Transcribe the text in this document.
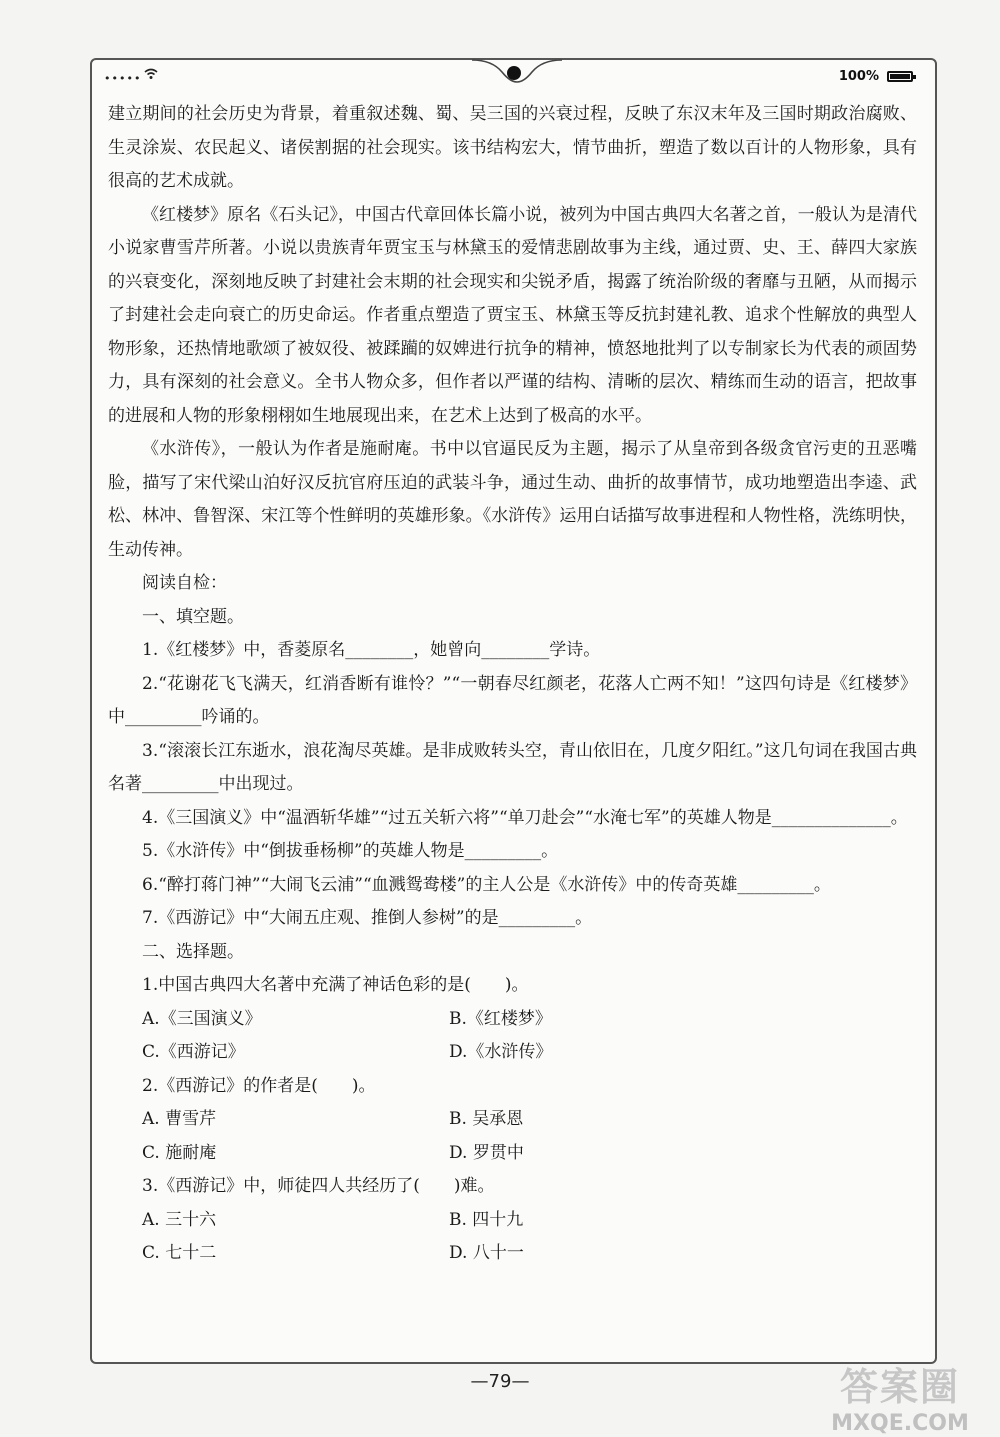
•••••	100%

建立期间的社会历史为背景，着重叙述魏、蜀、吴三国的兴衰过程，反映了东汉末年及三国时期政治腐败、生灵涂炭、农民起义、诸侯割据的社会现实。该书结构宏大，情节曲折，塑造了数以百计的人物形象，具有很高的艺术成就。

《红楼梦》原名《石头记》，中国古代章回体长篇小说，被列为中国古典四大名著之首，一般认为是清代小说家曹雪芹所著。小说以贵族青年贾宝玉与林黛玉的爱情悲剧故事为主线，通过贾、史、王、薛四大家族的兴衰变化，深刻地反映了封建社会末期的社会现实和尖锐矛盾，揭露了统治阶级的奢靡与丑陋，从而揭示了封建社会走向衰亡的历史命运。作者重点塑造了贾宝玉、林黛玉等反抗封建礼教、追求个性解放的典型人物形象，还热情地歌颂了被奴役、被蹂躏的奴婢进行抗争的精神，愤怒地批判了以专制家长为代表的顽固势力，具有深刻的社会意义。全书人物众多，但作者以严谨的结构、清晰的层次、精练而生动的语言，把故事的进展和人物的形象栩栩如生地展现出来，在艺术上达到了极高的水平。

《水浒传》，一般认为作者是施耐庵。书中以官逼民反为主题，揭示了从皇帝到各级贪官污吏的丑恶嘴脸，描写了宋代梁山泊好汉反抗官府压迫的武装斗争，通过生动、曲折的故事情节，成功地塑造出李逵、武松、林冲、鲁智深、宋江等个性鲜明的英雄形象。《水浒传》运用白话描写故事进程和人物性格，洗练明快，生动传神。

阅读自检：

一、填空题。

1.《红楼梦》中，香菱原名________，她曾向________学诗。

2.“花谢花飞飞满天，红消香断有谁怜？”“一朝春尽红颜老，花落人亡两不知！”这四句诗是《红楼梦》中_________吟诵的。

3.“滚滚长江东逝水，浪花淘尽英雄。是非成败转头空，青山依旧在，几度夕阳红。”这几句词在我国古典名著_________中出现过。

4.《三国演义》中“温酒斩华雄”“过五关斩六将”“单刀赴会”“水淹七军”的英雄人物是______________。

5.《水浒传》中“倒拔垂杨柳”的英雄人物是_________。

6.“醉打蒋门神”“大闹飞云浦”“血溅鸳鸯楼”的主人公是《水浒传》中的传奇英雄_________。

7.《西游记》中“大闹五庄观、推倒人参树”的是_________。

二、选择题。

1.中国古典四大名著中充满了神话色彩的是(　　)。

A.《三国演义》	B.《红楼梦》
C.《西游记》	D.《水浒传》

2.《西游记》的作者是(　　)。

A. 曹雪芹	B. 吴承恩
C. 施耐庵	D. 罗贯中

3.《西游记》中，师徒四人共经历了(　　)难。

A. 三十六	B. 四十九
C. 七十二	D. 八十一
—79—	答案圈
MXQE.COM
